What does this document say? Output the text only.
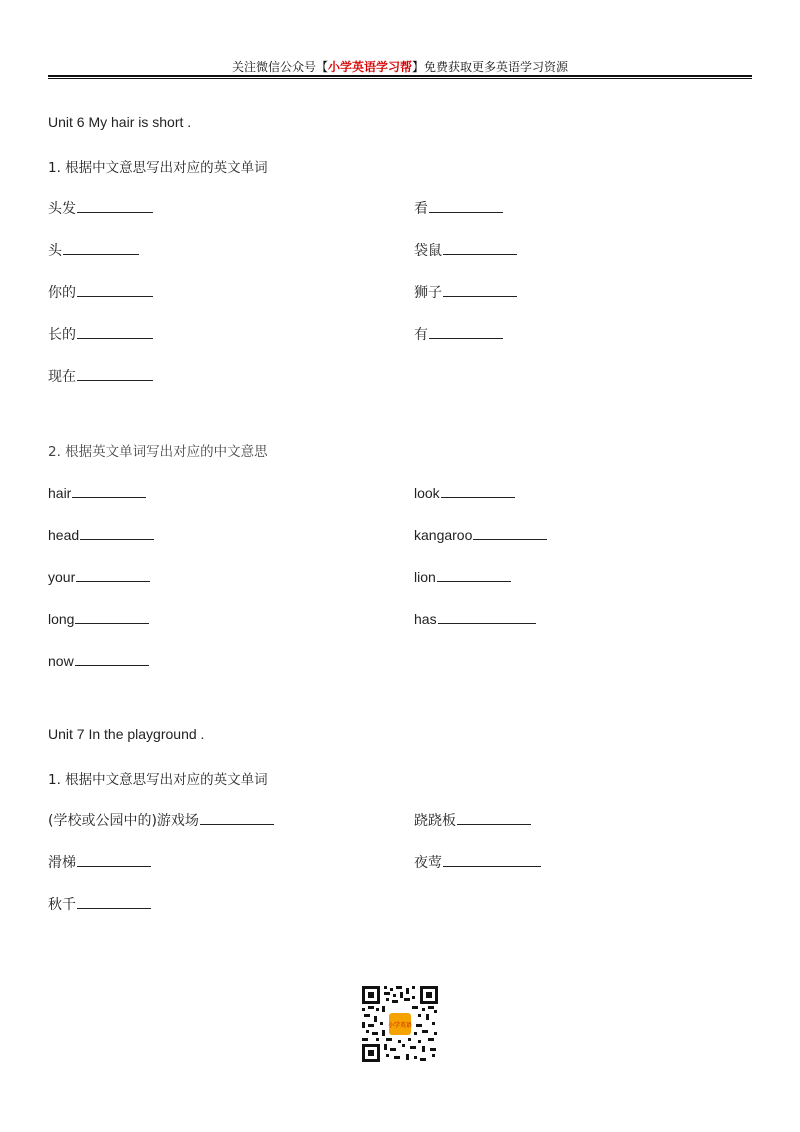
关注微信公众号【小学英语学习帮】免费获取更多英语学习资源
Unit 6 My hair is short .
1. 根据中文意思写出对应的英文单词
头发
头
你的
长的
现在
看
袋鼠
狮子
有
2. 根据英文单词写出对应的中文意思
hair
head
your
long
now
look
kangaroo
lion
has
Unit 7 In the playground .
1. 根据中文意思写出对应的英文单词
(学校或公园中的)游戏场
滑梯
秋千
跷跷板
夜莺
小学英语
